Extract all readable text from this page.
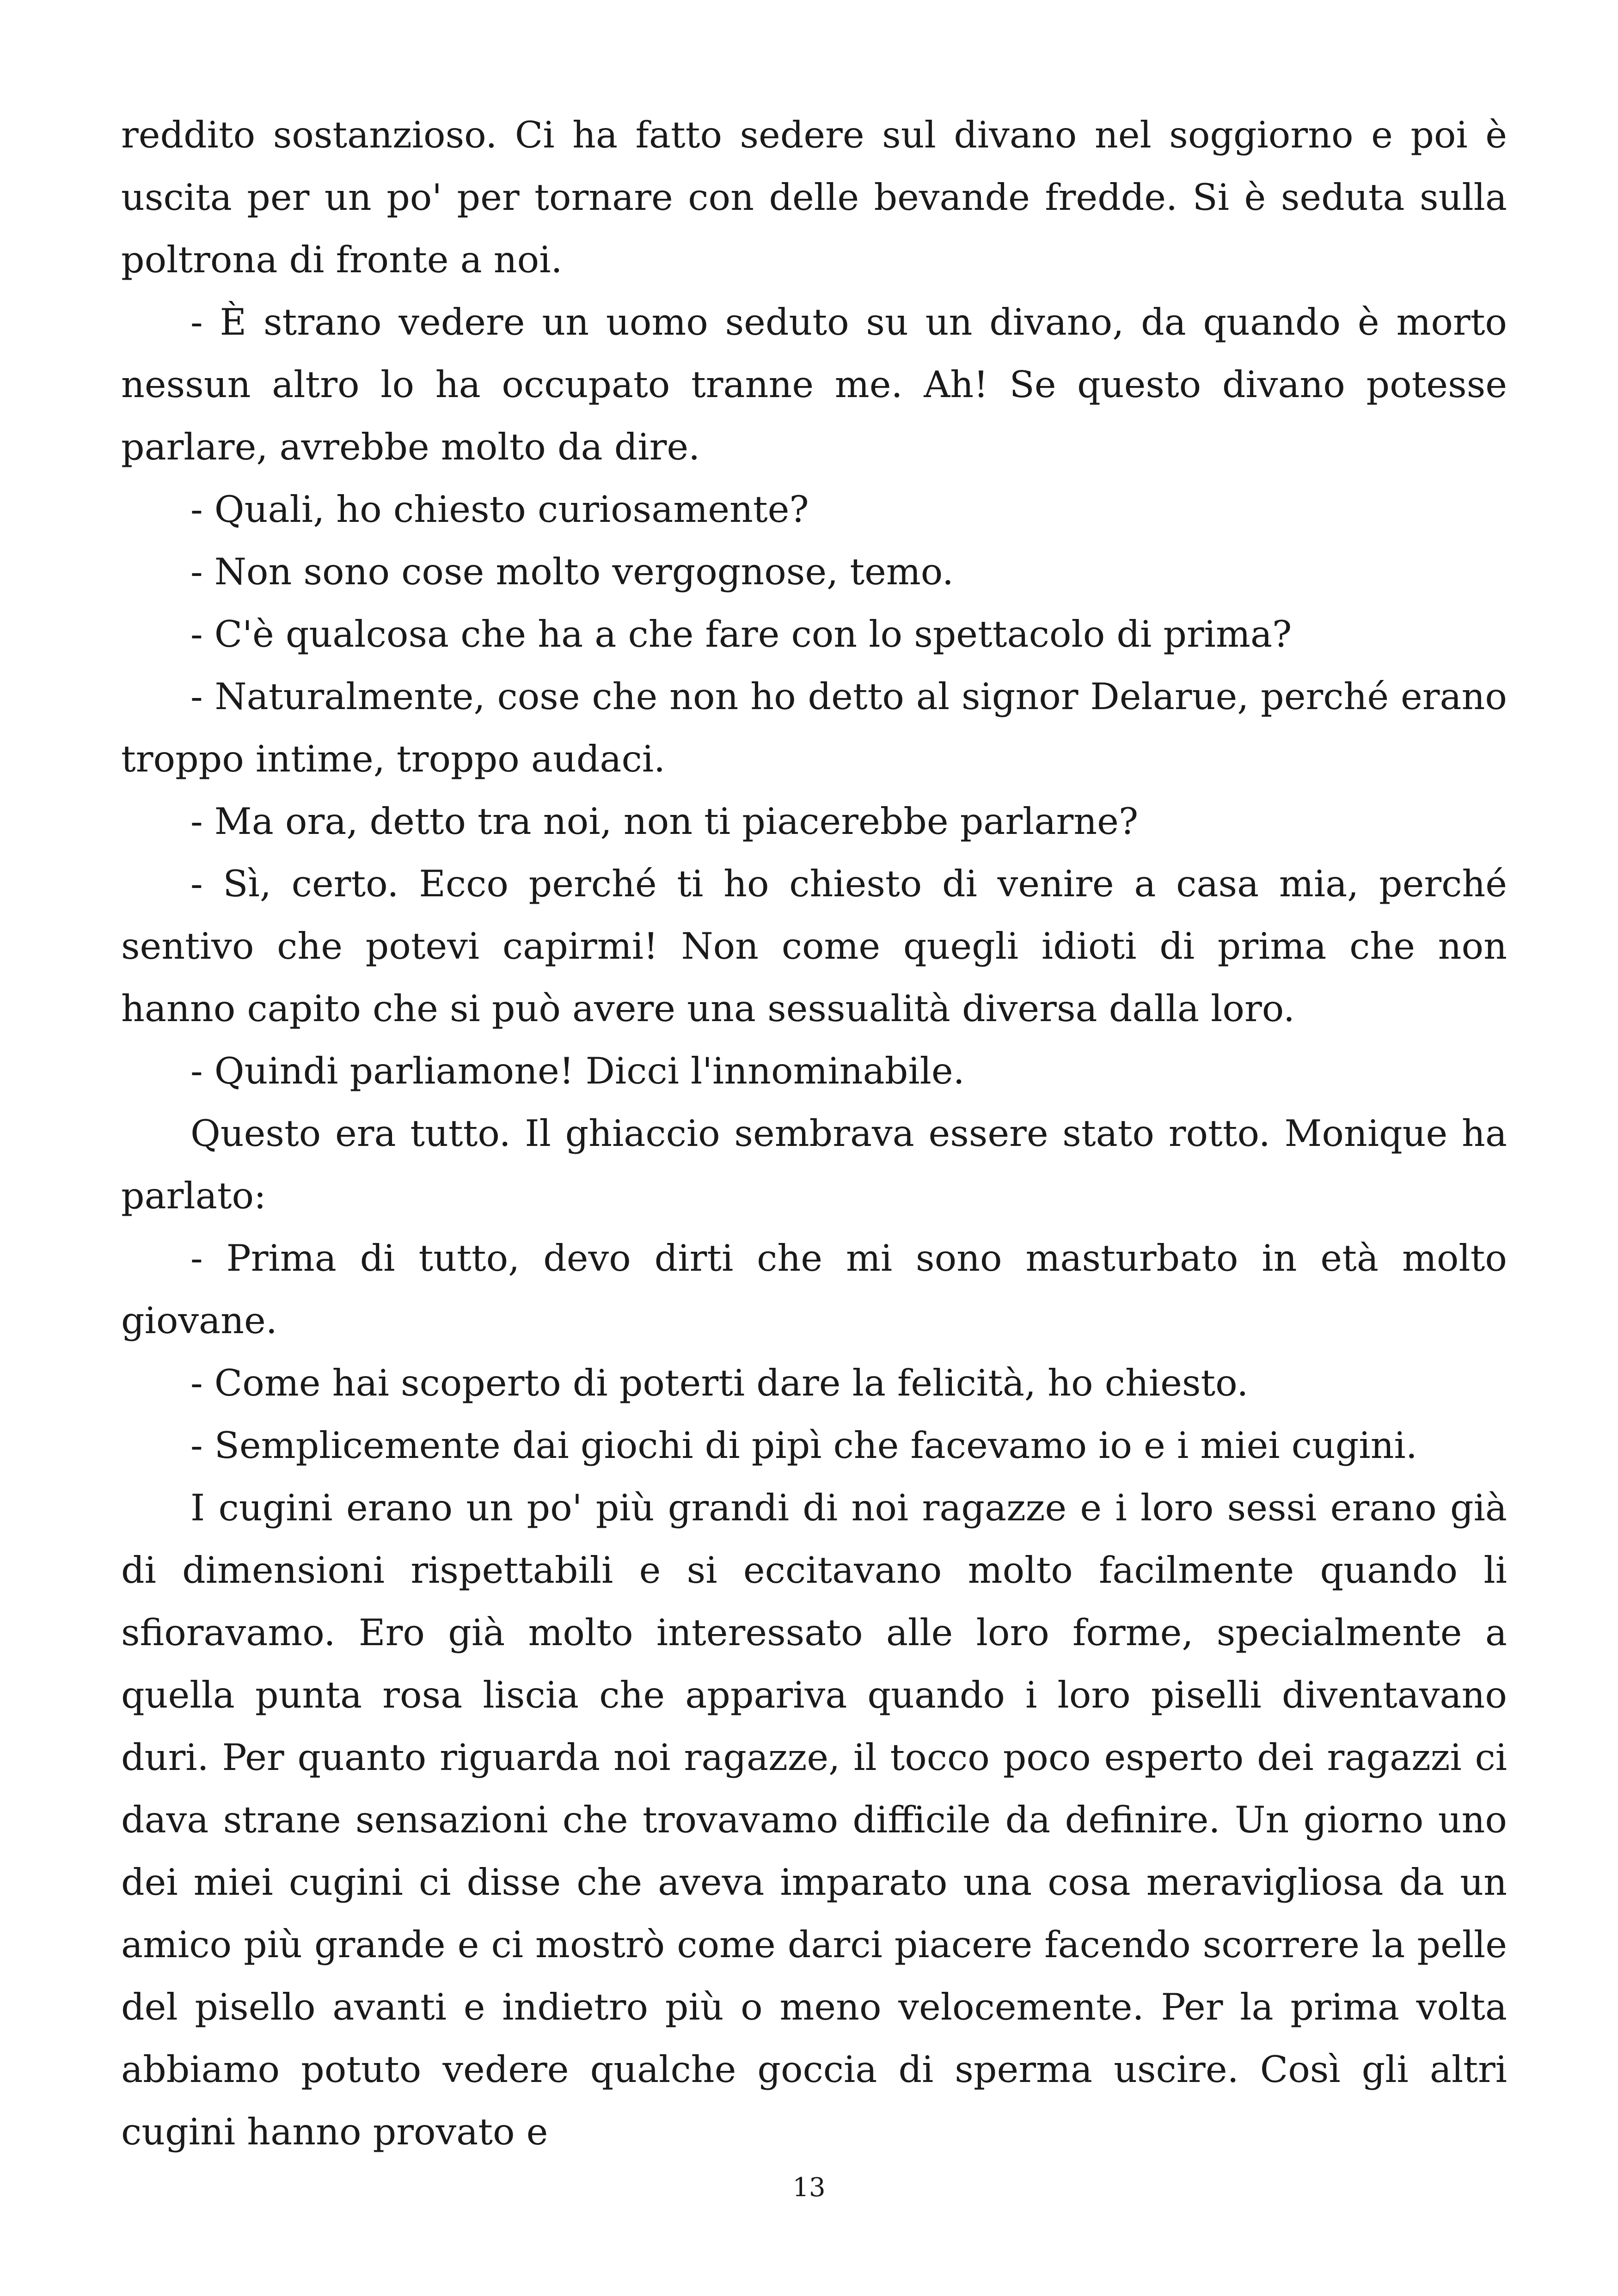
reddito sostanzioso. Ci ha fatto sedere sul divano nel soggiorno e poi è uscita per un po' per tornare con delle bevande fredde. Si è seduta sulla poltrona di fronte a noi.

- È strano vedere un uomo seduto su un divano, da quando è morto nessun altro lo ha occupato tranne me. Ah! Se questo divano potesse parlare, avrebbe molto da dire.

- Quali, ho chiesto curiosamente?

- Non sono cose molto vergognose, temo.

- C'è qualcosa che ha a che fare con lo spettacolo di prima?

- Naturalmente, cose che non ho detto al signor Delarue, perché erano troppo intime, troppo audaci.

- Ma ora, detto tra noi, non ti piacerebbe parlarne?

- Sì, certo. Ecco perché ti ho chiesto di venire a casa mia, perché sentivo che potevi capirmi! Non come quegli idioti di prima che non hanno capito che si può avere una sessualità diversa dalla loro.

- Quindi parliamone! Dicci l'innominabile.

Questo era tutto. Il ghiaccio sembrava essere stato rotto. Monique ha parlato:

- Prima di tutto, devo dirti che mi sono masturbato in età molto giovane.

- Come hai scoperto di poterti dare la felicità, ho chiesto.

- Semplicemente dai giochi di pipì che facevamo io e i miei cugini.

I cugini erano un po' più grandi di noi ragazze e i loro sessi erano già di dimensioni rispettabili e si eccitavano molto facilmente quando li sfioravamo. Ero già molto interessato alle loro forme, specialmente a quella punta rosa liscia che appariva quando i loro piselli diventavano duri. Per quanto riguarda noi ragazze, il tocco poco esperto dei ragazzi ci dava strane sensazioni che trovavamo difficile da definire. Un giorno uno dei miei cugini ci disse che aveva imparato una cosa meravigliosa da un amico più grande e ci mostrò come darci piacere facendo scorrere la pelle del pisello avanti e indietro più o meno velocemente. Per la prima volta abbiamo potuto vedere qualche goccia di sperma uscire. Così gli altri cugini hanno provato e

13
